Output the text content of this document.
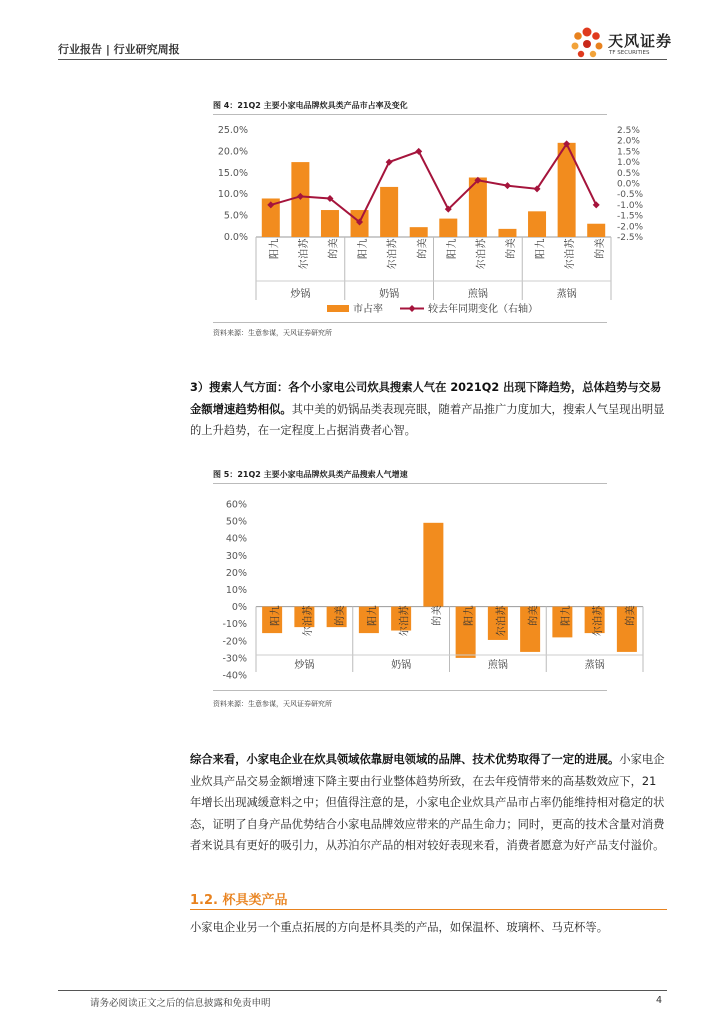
行业报告 | 行业研究周报	天风证券
TF SECURITIES
图 4：21Q2 主要小家电品牌炊具类产品市占率及变化
0.0%
5.0%
10.0%
15.0%
20.0%
25.0%
-2.5%
-2.0%
-1.5%
-1.0%
-0.5%
0.0%
0.5%
1.0%
1.5%
2.0%
2.5%
九
阳
苏
泊
尔
美
的
九
阳
苏
泊
尔
美
的
九
阳
苏
泊
尔
美
的
九
阳
苏
泊
尔
美
的
炒锅	奶锅	煎锅	蒸锅
市占率	较去年同期变化（右轴）
资料来源：生意参谋，天风证券研究所
3）搜索人气方面：各个小家电公司炊具搜索人气在 2021Q2 出现下降趋势，总体趋势与交易金额增速趋势相似。其中美的奶锅品类表现亮眼，随着产品推广力度加大，搜索人气呈现出明显的上升趋势，在一定程度上占据消费者心智。
图 5：21Q2 主要小家电品牌炊具类产品搜索人气增速
-40%
-30%
-20%
-10%
0%
10%
20%
30%
40%
50%
60%
九
阳
苏
泊
尔
美
的
九
阳
苏
泊
尔
美
的
九
阳
苏
泊
尔
美
的
九
阳
苏
泊
尔
美
的
炒锅	奶锅	煎锅	蒸锅
资料来源：生意参谋，天风证券研究所
综合来看，小家电企业在炊具领域依靠厨电领域的品牌、技术优势取得了一定的进展。小家电企业炊具产品交易金额增速下降主要由行业整体趋势所致，在去年疫情带来的高基数效应下，21 年增长出现减缓意料之中；但值得注意的是，小家电企业炊具产品市占率仍能维持相对稳定的状态，证明了自身产品优势结合小家电品牌效应带来的产品生命力；同时，更高的技术含量对消费者来说具有更好的吸引力，从苏泊尔产品的相对较好表现来看，消费者愿意为好产品支付溢价。
1.2. 杯具类产品
小家电企业另一个重点拓展的方向是杯具类的产品，如保温杯、玻璃杯、马克杯等。
请务必阅读正文之后的信息披露和免责申明	4
